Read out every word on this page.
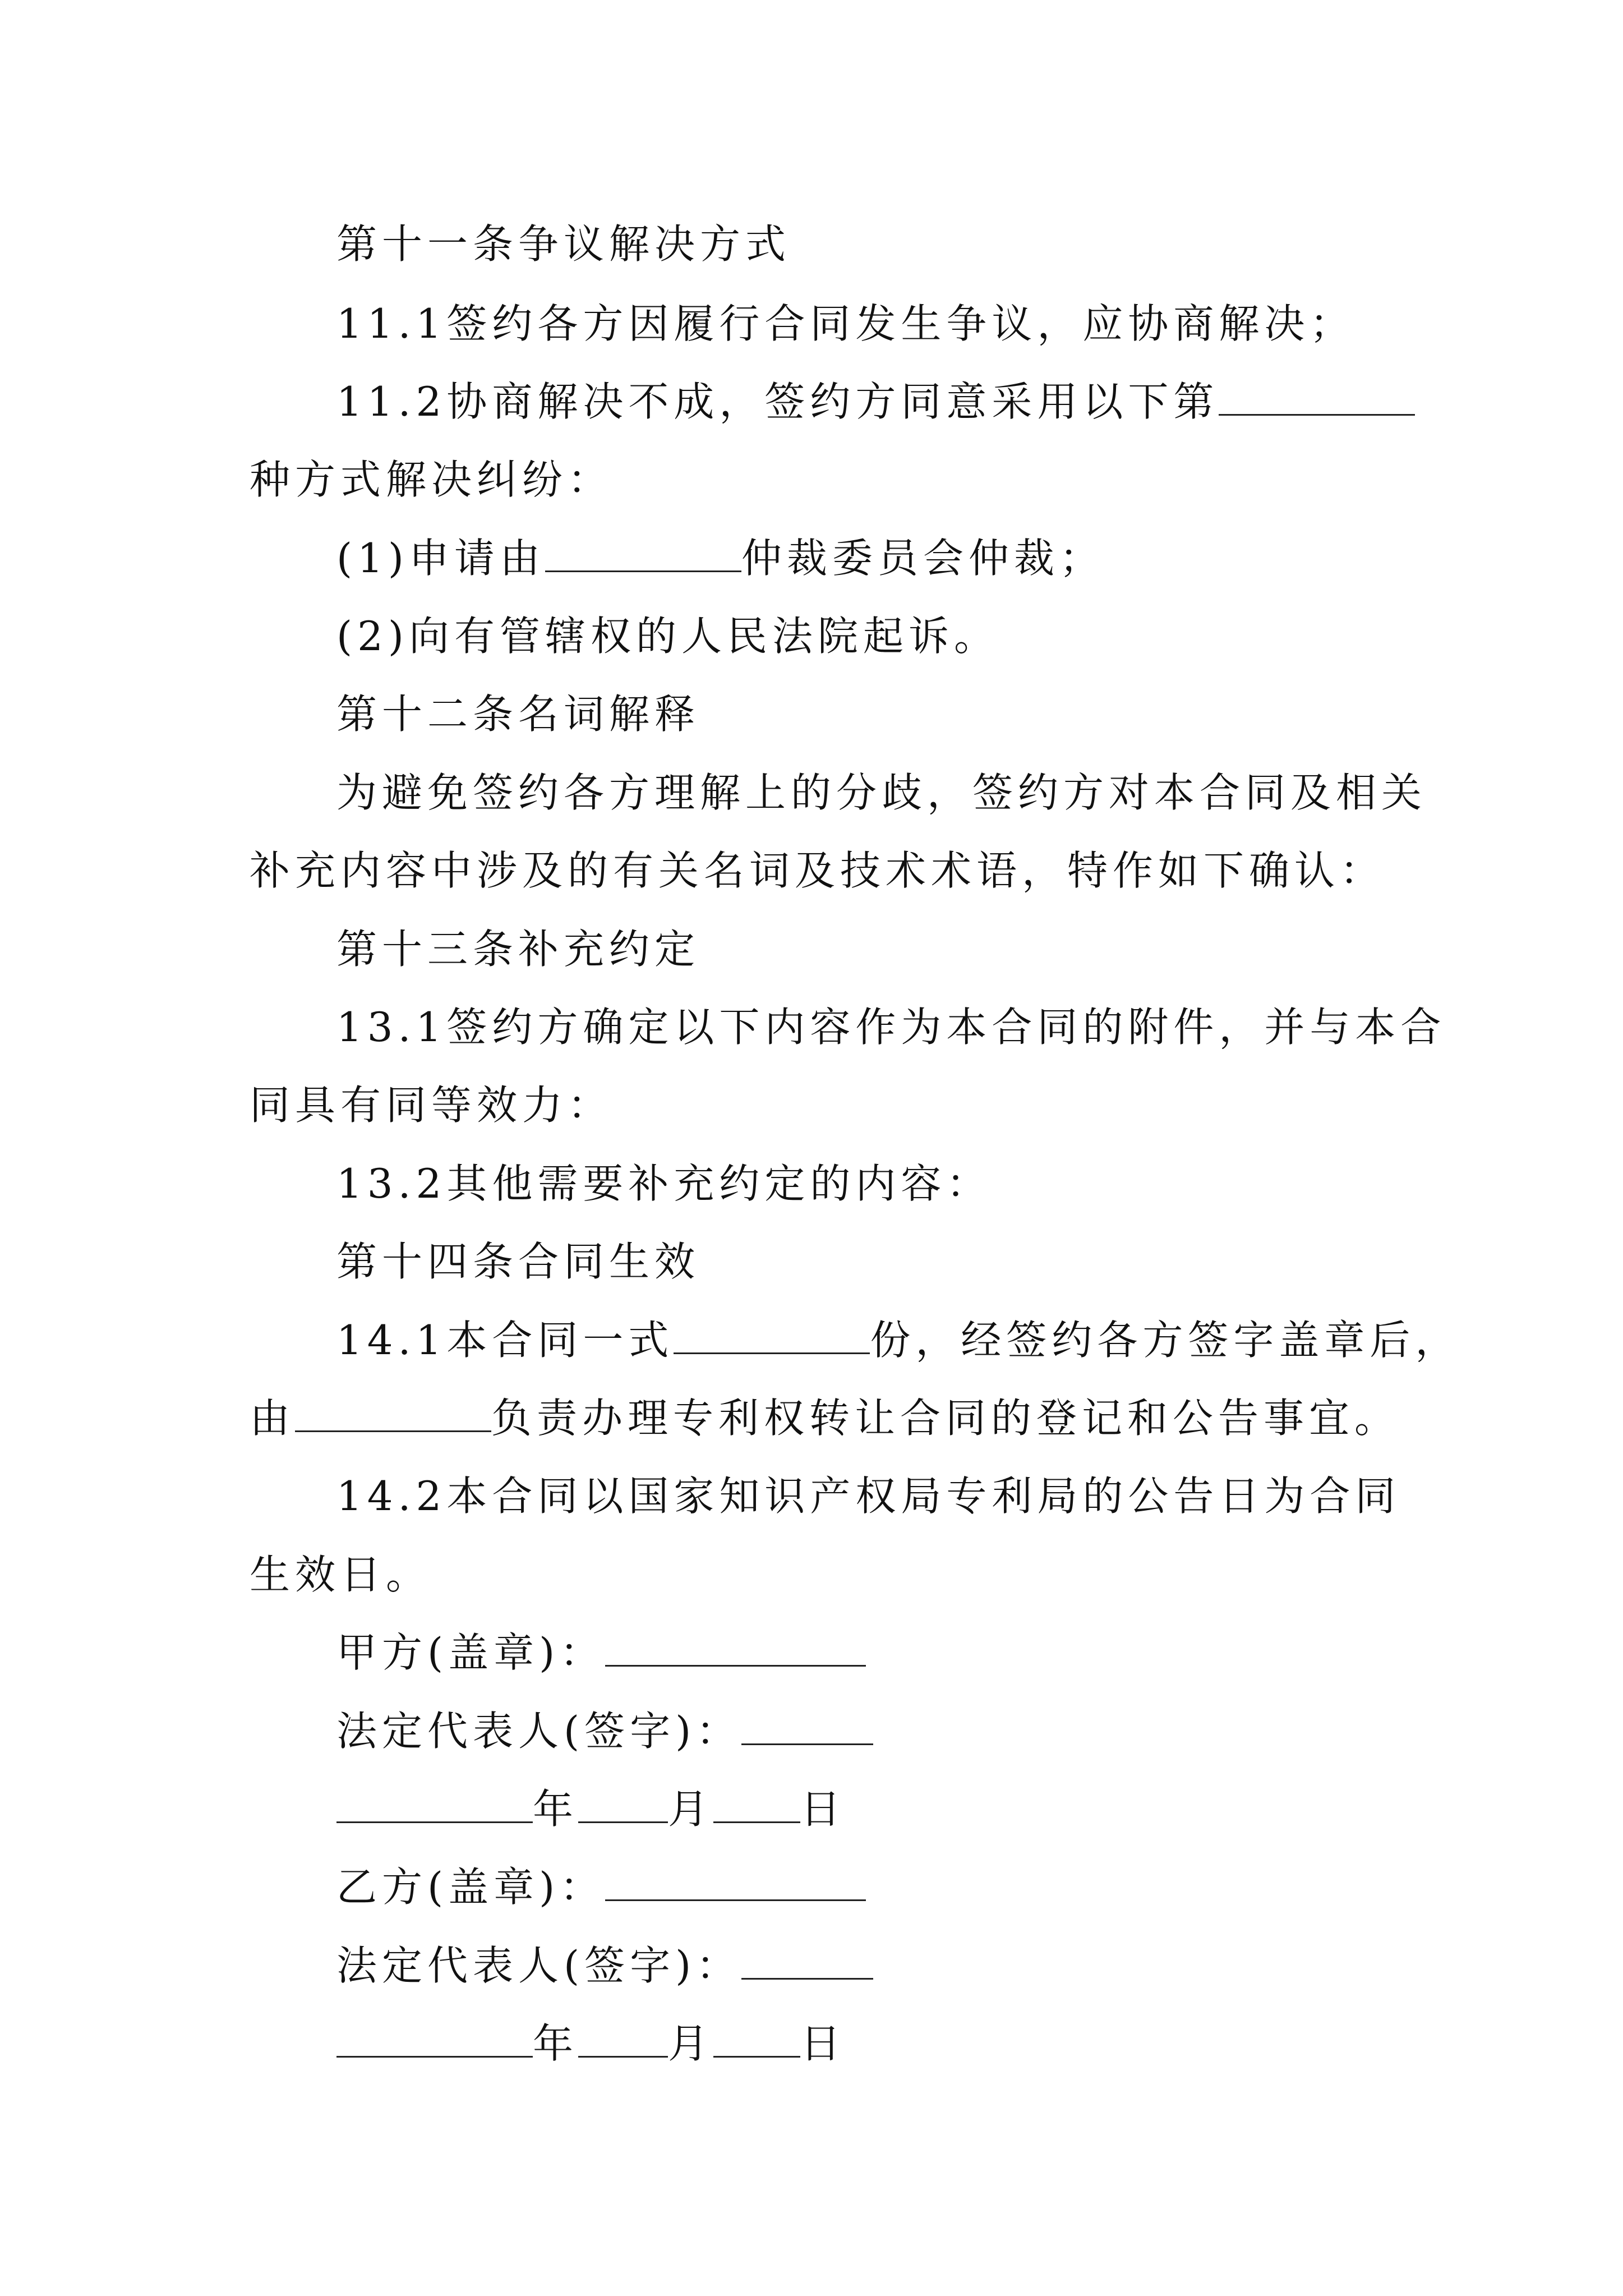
第十一条争议解决方式
11.1签约各方因履行合同发生争议，应协商解决；
11.2协商解决不成，签约方同意采用以下第
种方式解决纠纷：
(1)申请由	仲裁委员会仲裁；
(2)向有管辖权的人民法院起诉。
第十二条名词解释
为避免签约各方理解上的分歧，签约方对本合同及相关
补充内容中涉及的有关名词及技术术语，特作如下确认：
第十三条补充约定
13.1签约方确定以下内容作为本合同的附件，并与本合
同具有同等效力：
13.2其他需要补充约定的内容：
第十四条合同生效
14.1本合同一式	份，经签约各方签字盖章后，
由	负责办理专利权转让合同的登记和公告事宜。
14.2本合同以国家知识产权局专利局的公告日为合同
生效日。
甲方(盖章)：
法定代表人(签字)：
年 月 日
乙方(盖章)：
法定代表人(签字)：
年 月 日
